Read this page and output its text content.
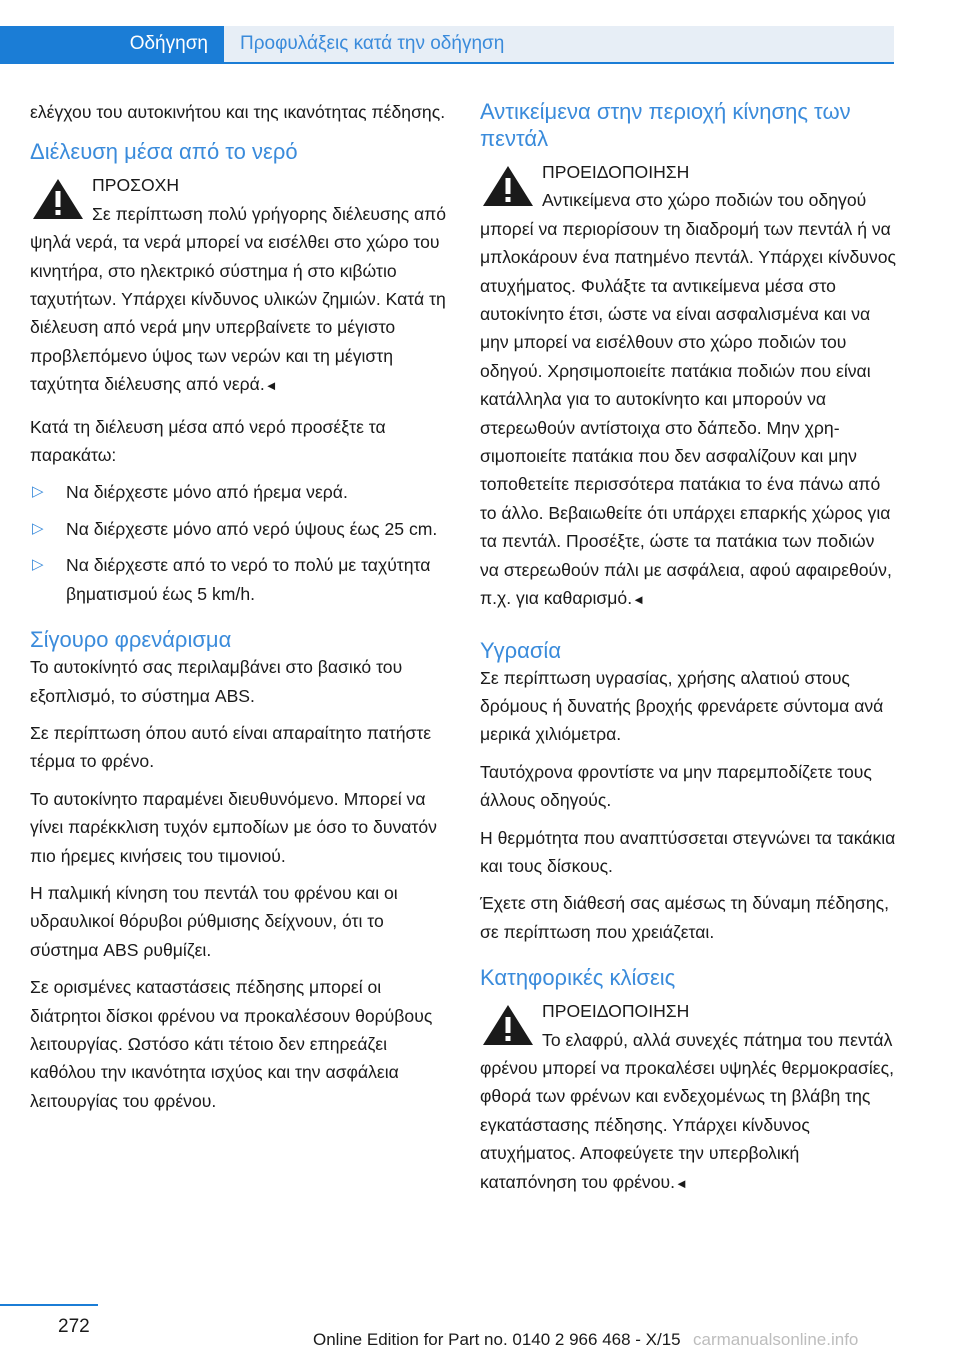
Οδήγηση	Προφυλάξεις κατά την οδήγηση

ελέγχου του αυτοκινήτου και της ικανότητας πέδησης.

Διέλευση μέσα από το νερό
ΠΡΟΣΟΧΗ
Σε περίπτωση πολύ γρήγορης διέλευσης από ψηλά νερά, τα νερά μπορεί να εισέλθει στο χώρο του κινητήρα, στο ηλεκτρικό σύστημα ή στο κιβώτιο ταχυτήτων. Υπάρχει κίνδυνος υλικών ζημιών. Κατά τη διέλευση από νερά μην υπερβαίνετε το μέγιστο προβλεπόμενο ύψος των νερών και τη μέγιστη ταχύτητα διέλευσης από νερά.◄

Κατά τη διέλευση μέσα από νερό προσέξτε τα παρακάτω:

▷ Να διέρχεστε μόνο από ήρεμα νερά.
▷ Να διέρχεστε μόνο από νερό ύψους έως 25 cm.
▷ Να διέρχεστε από το νερό το πολύ με ταχύτητα βηματισμού έως 5 km/h.
Σίγουρο φρενάρισμα

Το αυτοκίνητό σας περιλαμβάνει στο βασικό του εξοπλισμό, το σύστημα ABS.

Σε περίπτωση όπου αυτό είναι απαραίτητο πατήστε τέρμα το φρένο.

Το αυτοκίνητο παραμένει διευθυνόμενο. Μπορεί να γίνει παρέκκλιση τυχόν εμποδίων με όσο το δυνατόν πιο ήρεμες κινήσεις του τιμονιού.

Η παλμική κίνηση του πεντάλ του φρένου και οι υδραυλικοί θόρυβοι ρύθμισης δείχνουν, ότι το σύστημα ABS ρυθμίζει.

Σε ορισμένες καταστάσεις πέδησης μπορεί οι διάτρητοι δίσκοι φρένου να προκαλέσουν θορύβους λειτουργίας. Ωστόσο κάτι τέτοιο δεν επηρεάζει καθόλου την ικανότητα ισχύος και την ασφάλεια λειτουργίας του φρένου.

Αντικείμενα στην περιοχή κίνησης των πεντάλ
ΠΡΟΕΙΔΟΠΟΙΗΣΗ
Αντικείμενα στο χώρο ποδιών του οδηγού μπορεί να περιορίσουν τη διαδρομή των πεντάλ ή να μπλοκάρουν ένα πατημένο πεντάλ. Υπάρχει κίνδυνος ατυχήματος. Φυλάξτε τα αντικείμενα μέσα στο αυτοκίνητο έτσι, ώστε να είναι ασφαλισμένα και να μην μπορεί να εισέλθουν στο χώρο ποδιών του οδηγού. Χρησιμοποιείτε πατάκια ποδιών που είναι κατάλληλα για το αυτοκίνητο και μπορούν να στερεωθούν αντίστοιχα στο δάπεδο. Μην χρησιμοποιείτε πατάκια που δεν ασφαλίζουν και μην τοποθετείτε περισσότερα πατάκια το ένα πάνω από το άλλο. Βεβαιωθείτε ότι υπάρχει επαρκής χώρος για τα πεντάλ. Προσέξτε, ώστε τα πατάκια των ποδιών να στερεωθούν πάλι με ασφάλεια, αφού αφαιρεθούν, π.χ. για καθαρισμό.◄
Υγρασία

Σε περίπτωση υγρασίας, χρήσης αλατιού στους δρόμους ή δυνατής βροχής φρενάρετε σύντομα ανά μερικά χιλιόμετρα.

Ταυτόχρονα φροντίστε να μην παρεμποδίζετε τους άλλους οδηγούς.

Η θερμότητα που αναπτύσσεται στεγνώνει τα τακάκια και τους δίσκους.

Έχετε στη διάθεσή σας αμέσως τη δύναμη πέδησης, σε περίπτωση που χρειάζεται.

Κατηφορικές κλίσεις
ΠΡΟΕΙΔΟΠΟΙΗΣΗ
Το ελαφρύ, αλλά συνεχές πάτημα του πεντάλ φρένου μπορεί να προκαλέσει υψηλές θερμοκρασίες, φθορά των φρένων και ενδεχομένως τη βλάβη της εγκατάστασης πέδησης. Υπάρχει κίνδυνος ατυχήματος. Αποφεύγετε την υπερβολική καταπόνηση του φρένου.◄
272
Online Edition for Part no. 0140 2 966 468 - X/15 carmanualsonline.info
